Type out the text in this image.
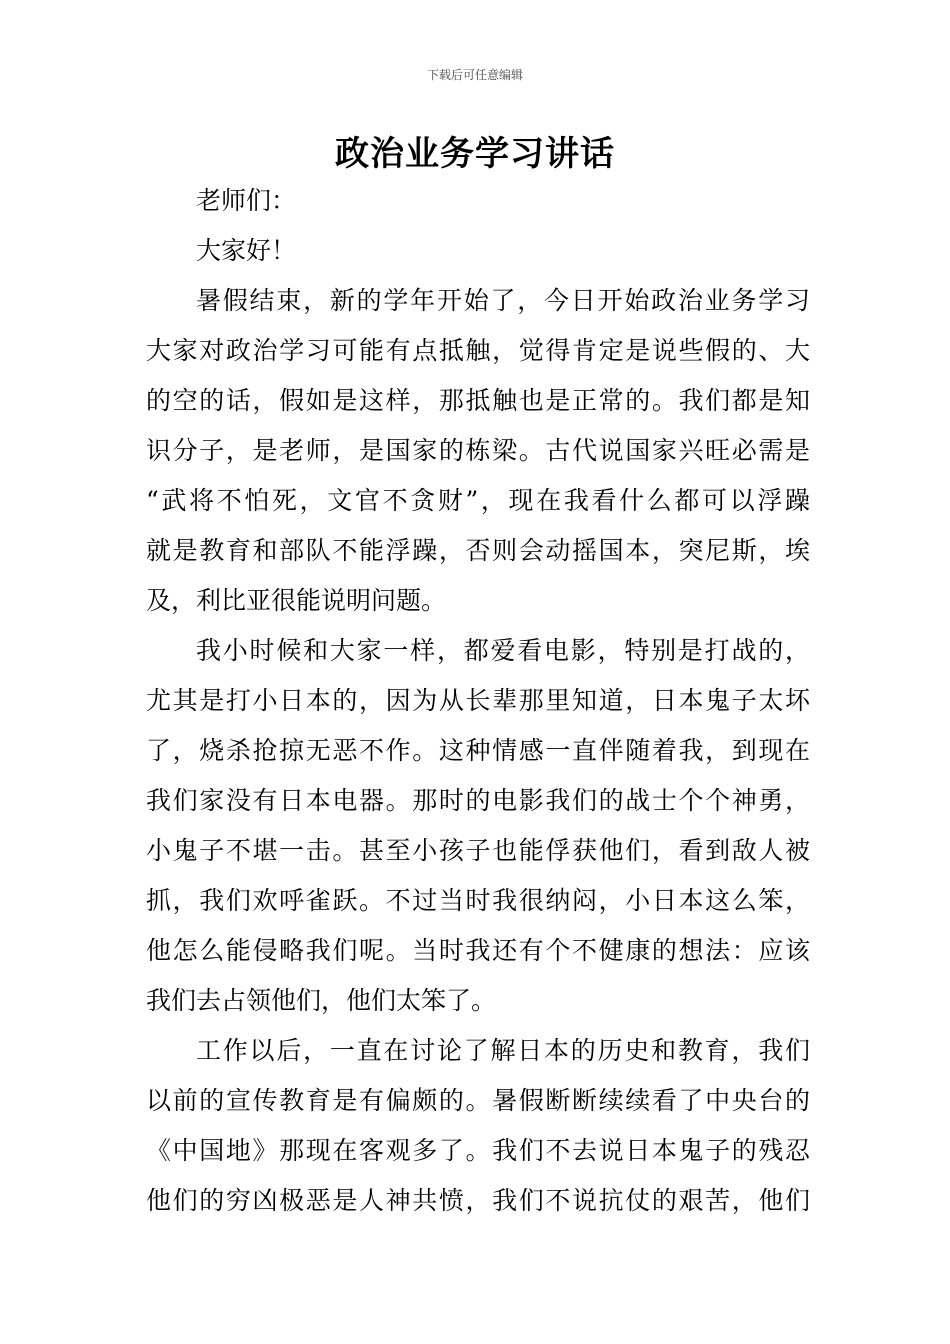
下载后可任意编辑
政治业务学习讲话

老师们：

大家好！

暑假结束，新的学年开始了，今日开始政治业务学习

大家对政治学习可能有点抵触，觉得肯定是说些假的、大

的空的话，假如是这样，那抵触也是正常的。我们都是知

识分子，是老师，是国家的栋梁。古代说国家兴旺必需是

“武将不怕死，文官不贪财”，现在我看什么都可以浮躁

就是教育和部队不能浮躁，否则会动摇国本，突尼斯，埃

及，利比亚很能说明问题。

我小时候和大家一样，都爱看电影，特别是打战的，

尤其是打小日本的，因为从长辈那里知道，日本鬼子太坏

了，烧杀抢掠无恶不作。这种情感一直伴随着我，到现在

我们家没有日本电器。那时的电影我们的战士个个神勇，

小鬼子不堪一击。甚至小孩子也能俘获他们，看到敌人被

抓，我们欢呼雀跃。不过当时我很纳闷，小日本这么笨，

他怎么能侵略我们呢。当时我还有个不健康的想法：应该

我们去占领他们，他们太笨了。

工作以后，一直在讨论了解日本的历史和教育，我们

以前的宣传教育是有偏颇的。暑假断断续续看了中央台的

《中国地》那现在客观多了。我们不去说日本鬼子的残忍

他们的穷凶极恶是人神共愤，我们不说抗仗的艰苦，他们
